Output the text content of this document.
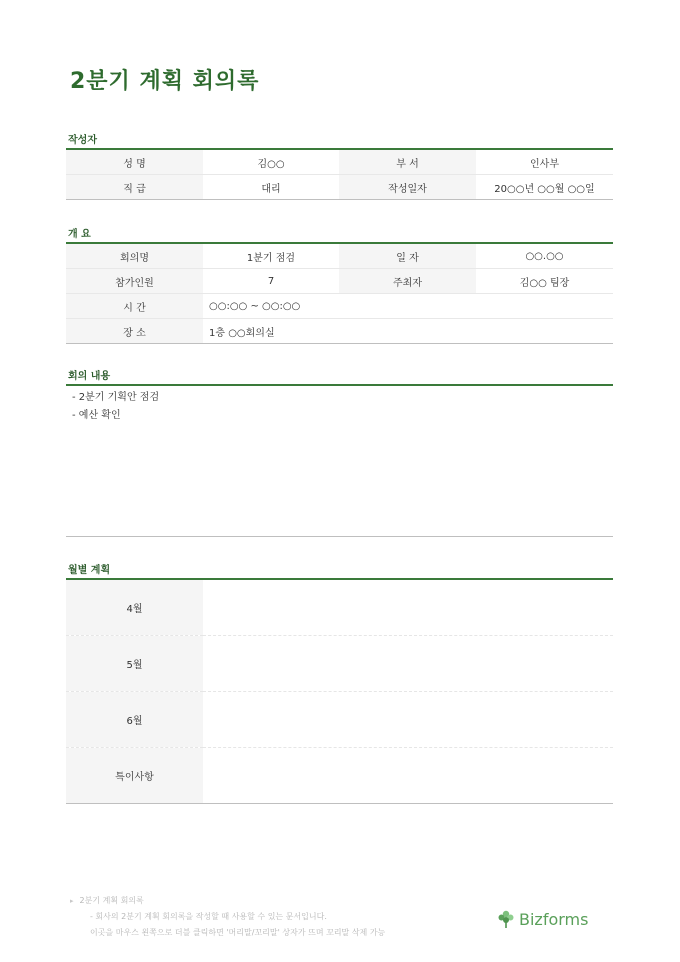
2분기 계획 회의록
작성자
성 명	김○○	부 서	인사부
직 급	대리	작성일자	20○○년 ○○월 ○○일
개 요
회의명	1분기 점검	일 자	○○.○○
참가인원	7	주최자	김○○ 팀장
시 간	○○:○○ ~ ○○:○○		
장 소	1층 ○○회의실		
회의 내용
- 2분기 기획안 점검
- 예산 확인
월별 계획
4월	
5월	
6월	
특이사항	
▸ 2분기 계획 회의록
- 회사의 2분기 계획 회의록을 작성할 때 사용할 수 있는 문서입니다.
이곳을 마우스 왼쪽으로 더블 클릭하면 '머리말/꼬리말' 상자가 뜨며 꼬리말 삭제 가능
Bizforms
